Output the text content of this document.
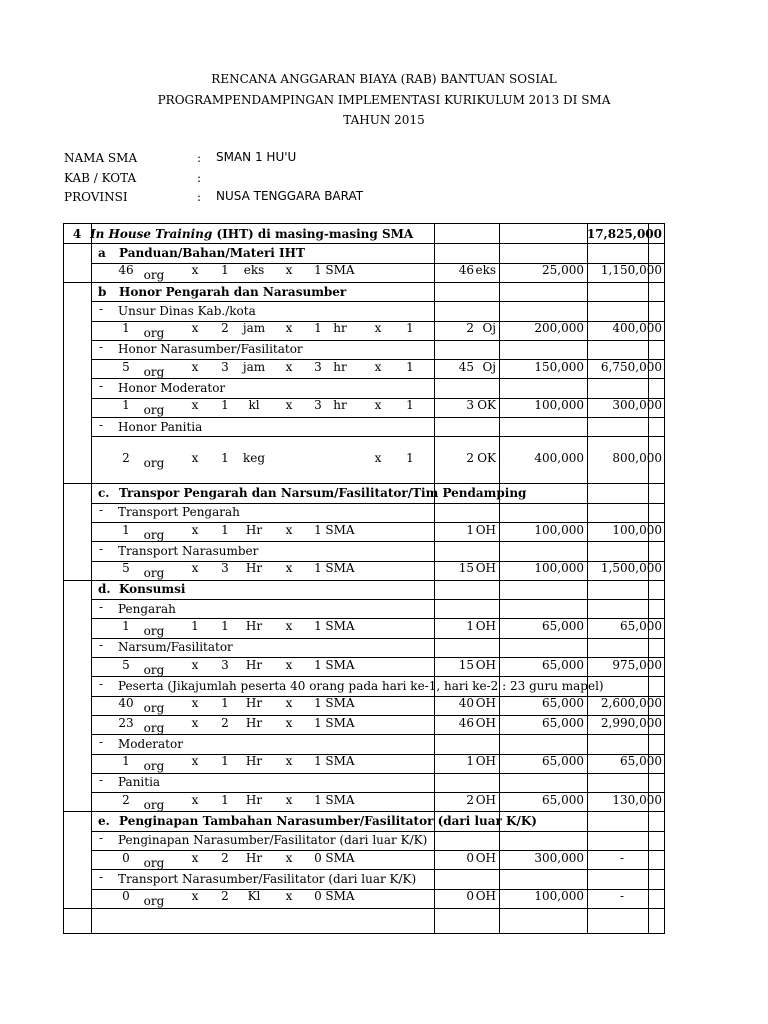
RENCANA ANGGARAN BIAYA (RAB) BANTUAN SOSIAL
PROGRAMPENDAMPINGAN IMPLEMENTASI KURIKULUM 2013 DI SMA
TAHUN 2015
NAMA SMA	: SMAN 1 HU'U
KAB / KOTA	:
PROVINSI	: NUSA TENGGARA BARAT
4 In House Training (IHT) di masing-masing SMA	17,825,000
a Panduan/Bahan/Materi IHT
46 org	x	1	eks	x	1 SMA	46 eks	25,000 1,150,000
b Honor Pengarah dan Narasumber
- Unsur Dinas Kab./kota
1	org	x	2	jam	x	1 hr	x	1	2 Oj	200,000 400,000
- Honor Narasumber/Fasilitator
5	org	x	3	jam	x	3 hr	x	1	45 Oj	150,000 6,750,000
- Honor Moderator
1	org	x	1	kl	x	3 hr	x	1	3 OK	100,000 300,000
- Honor Panitia
2	org	x	1	keg	x	1	2 OK	400,000 800,000
c. Transpor Pengarah dan Narsum/Fasilitator/Tim Pendamping
- Transport Pengarah
1	org	x	1	Hr	x	1 SMA	1 OH	100,000 100,000
- Transport Narasumber
5	org	x	3	Hr	x	1 SMA	15 OH	100,000 1,500,000
d. Konsumsi
- Pengarah
1	org	1	1	Hr	x	1 SMA	1 OH	65,000	65,000
- Narsum/Fasilitator
5	org	x	3	Hr	x	1 SMA	15 OH	65,000 975,000
- Peserta (Jikajumlah peserta 40 orang pada hari ke-1, hari ke-2 : 23 guru mapel)
40 org	x	1	Hr	x	1 SMA	40 OH	65,000 2,600,000
23 org	x	2	Hr	x	1 SMA	46 OH	65,000 2,990,000
- Moderator
1	org	x	1	Hr	x	1 SMA	1 OH	65,000	65,000
- Panitia
2	org	x	1	Hr	x	1 SMA	2 OH	65,000 130,000
e. Penginapan Tambahan Narasumber/Fasilitator (dari luar K/K)
- Penginapan Narasumber/Fasilitator (dari luar K/K)
0	org	x	2	Hr	x	0 SMA	0 OH	300,000	-
- Transport Narasumber/Fasilitator (dari luar K/K)
0	org	x	2	Kl	x	0 SMA	0 OH	100,000	-
